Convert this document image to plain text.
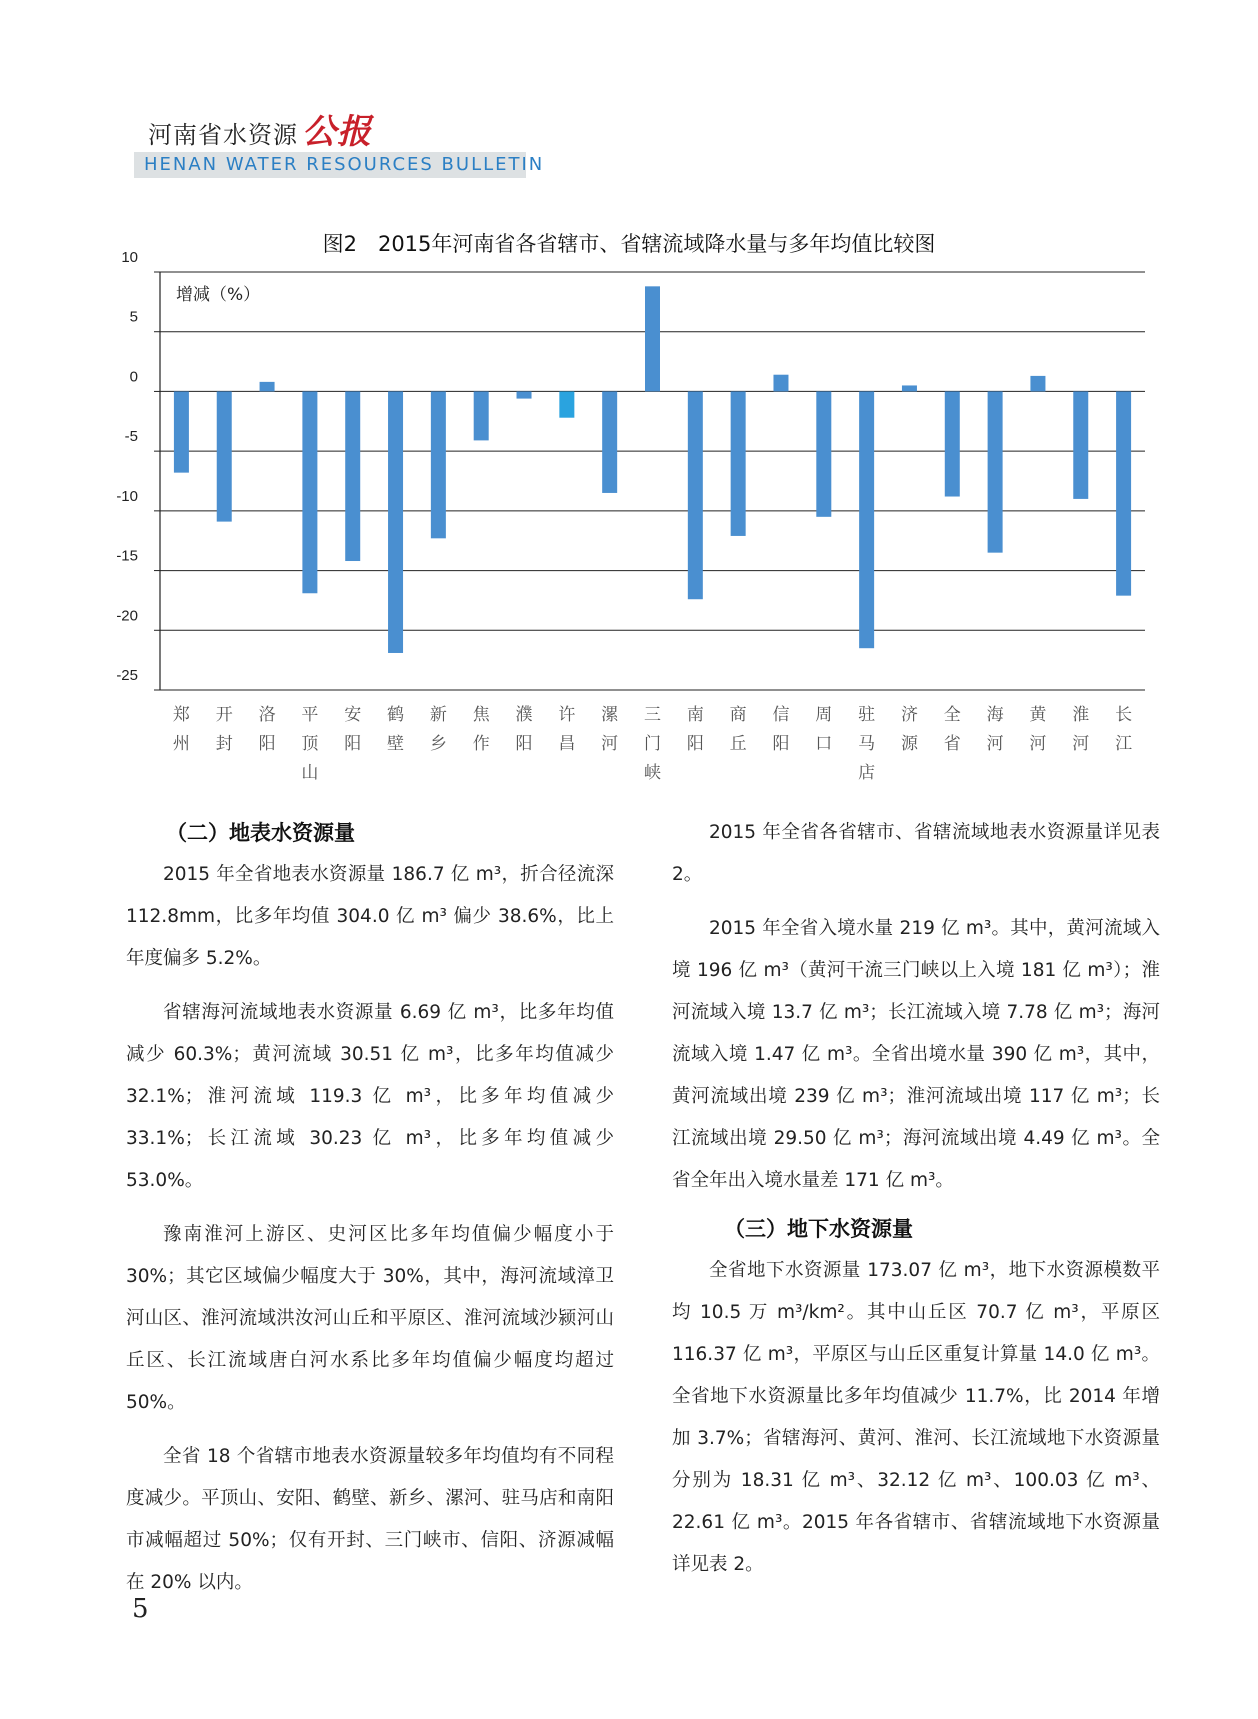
河南省水资源 公报
HENAN WATER RESOURCES BULLETIN
图2　2015年河南省各省辖市、省辖流域降水量与多年均值比较图
10
5
0
-5
-10
-15
-20
-25
增减（%）
郑
州
开
封
洛
阳
平
顶
山
安
阳
鹤
壁
新
乡
焦
作
濮
阳
许
昌
漯
河
三
门
峡
南
阳
商
丘
信
阳
周
口
驻
马
店
济
源
全
省
海
河
黄
河
淮
河
长
江

（二）地表水资源量

2015 年全省地表水资源量 186.7 亿 m³，折合径流深 112.8mm，比多年均值 304.0 亿 m³ 偏少 38.6%，比上年度偏多 5.2%。

省辖海河流域地表水资源量 6.69 亿 m³，比多年均值减少 60.3%；黄河流域 30.51 亿 m³，比多年均值减少 32.1%；淮河流域 119.3 亿 m³，比多年均值减少 33.1%；长江流域 30.23 亿 m³，比多年均值减少 53.0%。

豫南淮河上游区、史河区比多年均值偏少幅度小于 30%；其它区域偏少幅度大于 30%，其中，海河流域漳卫河山区、淮河流域洪汝河山丘和平原区、淮河流域沙颍河山丘区、长江流域唐白河水系比多年均值偏少幅度均超过 50%。

全省 18 个省辖市地表水资源量较多年均值均有不同程度减少。平顶山、安阳、鹤壁、新乡、漯河、驻马店和南阳市减幅超过 50%；仅有开封、三门峡市、信阳、济源减幅在 20% 以内。

2015 年全省各省辖市、省辖流域地表水资源量详见表 2。

2015 年全省入境水量 219 亿 m³。其中，黄河流域入境 196 亿 m³（黄河干流三门峡以上入境 181 亿 m³）；淮河流域入境 13.7 亿 m³；长江流域入境 7.78 亿 m³；海河流域入境 1.47 亿 m³。全省出境水量 390 亿 m³，其中，黄河流域出境 239 亿 m³；淮河流域出境 117 亿 m³；长江流域出境 29.50 亿 m³；海河流域出境 4.49 亿 m³。全省全年出入境水量差 171 亿 m³。

（三）地下水资源量

全省地下水资源量 173.07 亿 m³，地下水资源模数平均 10.5 万 m³/km²。其中山丘区 70.7 亿 m³，平原区 116.37 亿 m³，平原区与山丘区重复计算量 14.0 亿 m³。全省地下水资源量比多年均值减少 11.7%，比 2014 年增加 3.7%；省辖海河、黄河、淮河、长江流域地下水资源量分别为 18.31 亿 m³、32.12 亿 m³、100.03 亿 m³、22.61 亿 m³。2015 年各省辖市、省辖流域地下水资源量详见表 2。

5
